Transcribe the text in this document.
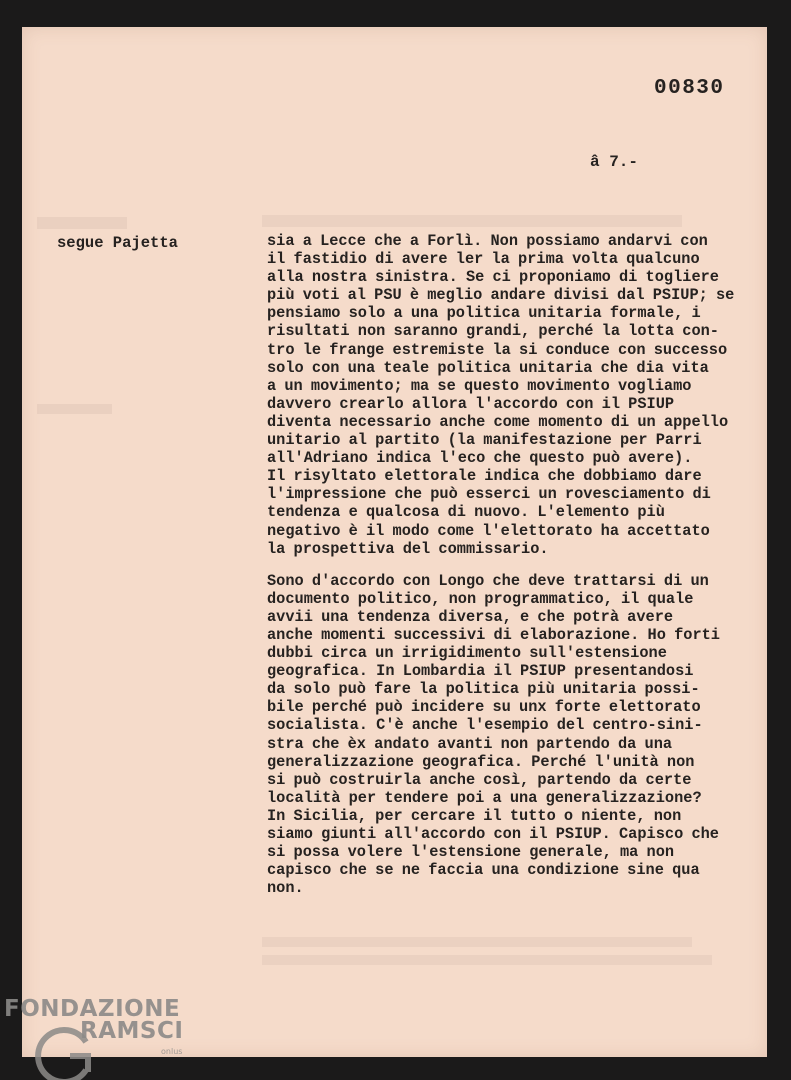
00830
â 7.-
segue Pajetta	sia a Lecce che a Forlì. Non possiamo andarvi con
il fastidio di avere ler la prima volta qualcuno
alla nostra sinistra. Se ci proponiamo di togliere
più voti al PSU è meglio andare divisi dal PSIUP; se
pensiamo solo a una politica unitaria formale, i
risultati non saranno grandi, perché la lotta con-
tro le frange estremiste la si conduce con successo
solo con una teale politica unitaria che dia vita
a un movimento; ma se questo movimento vogliamo
davvero crearlo allora l'accordo con il PSIUP
diventa necessario anche come momento di un appello
unitario al partito (la manifestazione per Parri
all'Adriano indica l'eco che questo può avere).
Il risyltato elettorale indica che dobbiamo dare
l'impressione che può esserci un rovesciamento di
tendenza e qualcosa di nuovo. L'elemento più
negativo è il modo come l'elettorato ha accettato
la prospettiva del commissario.

Sono d'accordo con Longo che deve trattarsi di un
documento politico, non programmatico, il quale
avvii una tendenza diversa, e che potrà avere
anche momenti successivi di elaborazione. Ho forti
dubbi circa un irrigidimento sull'estensione
geografica. In Lombardia il PSIUP presentandosi
da solo può fare la politica più unitaria possi-
bile perché può incidere su unx forte elettorato
socialista. C'è anche l'esempio del centro-sini-
stra che èx andato avanti non partendo da una
generalizzazione geografica. Perché l'unità non
si può costruirla anche così, partendo da certe
località per tendere poi a una generalizzazione?
In Sicilia, per cercare il tutto o niente, non
siamo giunti all'accordo con il PSIUP. Capisco che
si possa volere l'estensione generale, ma non
capisco che se ne faccia una condizione sine qua
non.

FONDAZIONE
RAMSCI
onlus
